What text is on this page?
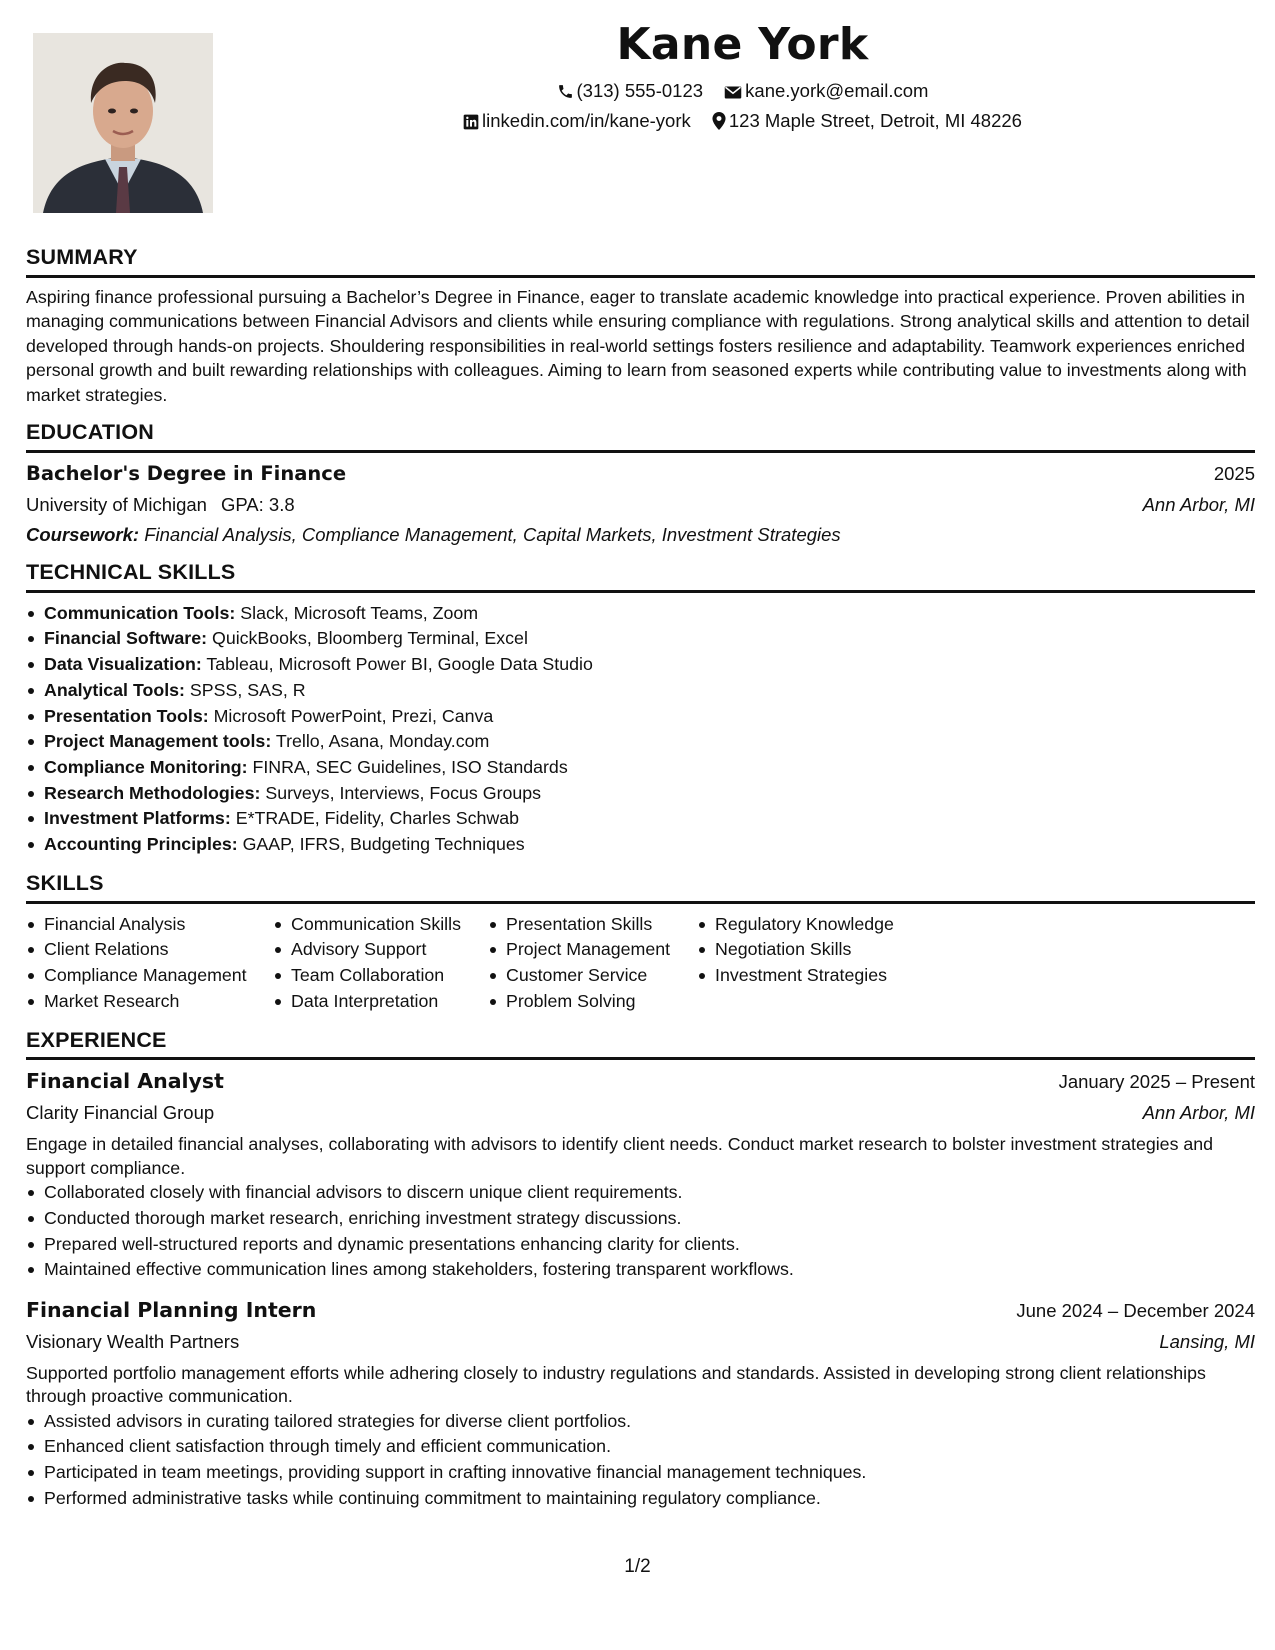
Kane York
(313) 555-0123 kane.york@email.com
linkedin.com/in/kane-york 123 Maple Street, Detroit, MI 48226
SUMMARY
Aspiring finance professional pursuing a Bachelor’s Degree in Finance, eager to translate academic knowledge into practical experience. Proven abilities in managing communications between Financial Advisors and clients while ensuring compliance with regulations. Strong analytical skills and attention to detail developed through hands-on projects. Shouldering responsibilities in real-world settings fosters resilience and adaptability. Teamwork experiences enriched personal growth and built rewarding relationships with colleagues. Aiming to learn from seasoned experts while contributing value to investments along with market strategies.
EDUCATION
Bachelor's Degree in Finance	2025
University of Michigan GPA: 3.8	Ann Arbor, MI
Coursework: Financial Analysis, Compliance Management, Capital Markets, Investment Strategies
TECHNICAL SKILLS
Communication Tools: Slack, Microsoft Teams, Zoom
Financial Software: QuickBooks, Bloomberg Terminal, Excel
Data Visualization: Tableau, Microsoft Power BI, Google Data Studio
Analytical Tools: SPSS, SAS, R
Presentation Tools: Microsoft PowerPoint, Prezi, Canva
Project Management tools: Trello, Asana, Monday.com
Compliance Monitoring: FINRA, SEC Guidelines, ISO Standards
Research Methodologies: Surveys, Interviews, Focus Groups
Investment Platforms: E*TRADE, Fidelity, Charles Schwab
Accounting Principles: GAAP, IFRS, Budgeting Techniques
SKILLS
Financial Analysis
Client Relations
Compliance Management
Market Research
Communication Skills
Advisory Support
Team Collaboration
Data Interpretation
Presentation Skills
Project Management
Customer Service
Problem Solving
Regulatory Knowledge
Negotiation Skills
Investment Strategies
EXPERIENCE
Financial Analyst	January 2025 – Present
Clarity Financial Group	Ann Arbor, MI
Engage in detailed financial analyses, collaborating with advisors to identify client needs. Conduct market research to bolster investment strategies and support compliance.
Collaborated closely with financial advisors to discern unique client requirements.
Conducted thorough market research, enriching investment strategy discussions.
Prepared well-structured reports and dynamic presentations enhancing clarity for clients.
Maintained effective communication lines among stakeholders, fostering transparent workflows.
Financial Planning Intern	June 2024 – December 2024
Visionary Wealth Partners	Lansing, MI
Supported portfolio management efforts while adhering closely to industry regulations and standards. Assisted in developing strong client relationships through proactive communication.
Assisted advisors in curating tailored strategies for diverse client portfolios.
Enhanced client satisfaction through timely and efficient communication.
Participated in team meetings, providing support in crafting innovative financial management techniques.
Performed administrative tasks while continuing commitment to maintaining regulatory compliance.
1/2
